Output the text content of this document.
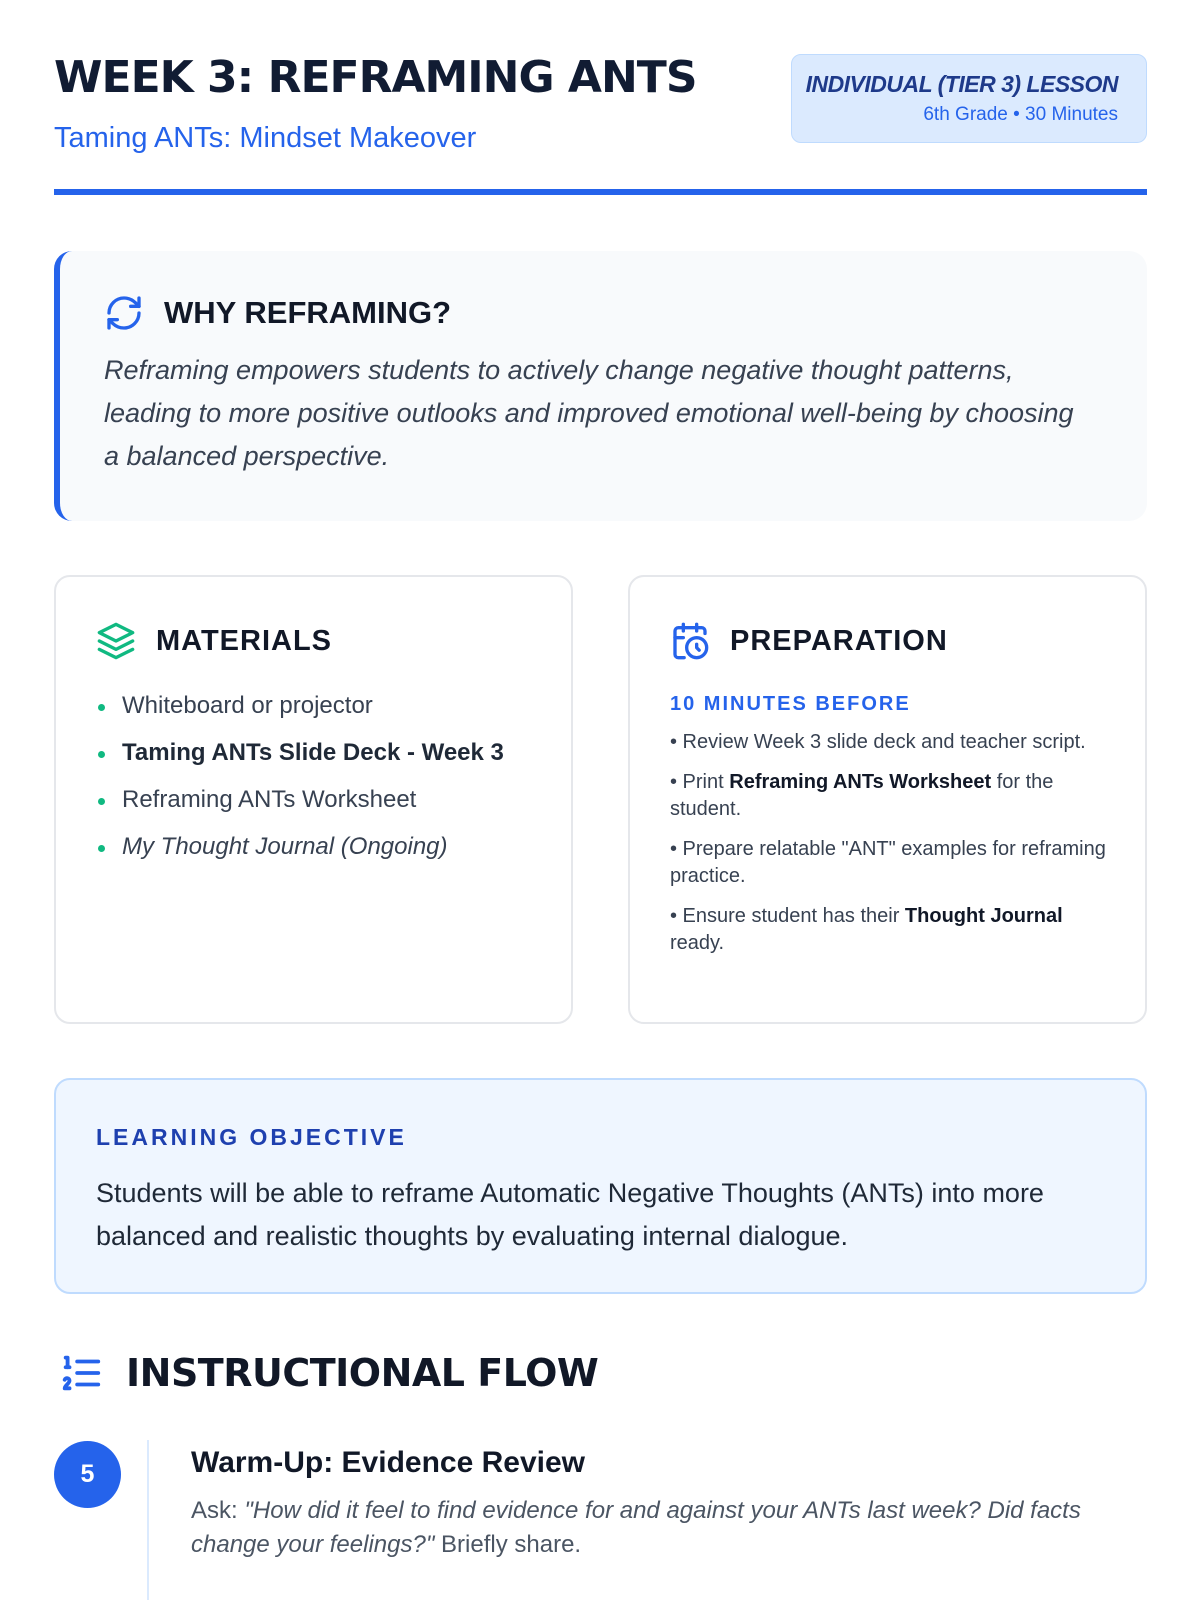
WEEK 3: REFRAMING ANTS
Taming ANTs: Mindset Makeover
INDIVIDUAL (TIER 3) LESSON
6th Grade • 30 Minutes
WHY REFRAMING?

Reframing empowers students to actively change negative thought patterns, leading to more positive outlooks and improved emotional well-being by choosing a balanced perspective.

MATERIALS
Whiteboard or projector
Taming ANTs Slide Deck - Week 3
Reframing ANTs Worksheet
My Thought Journal (Ongoing)
PREPARATION
10 MINUTES BEFORE
• Review Week 3 slide deck and teacher script.
• Print Reframing ANTs Worksheet for the student.
• Prepare relatable "ANT" examples for reframing practice.
• Ensure student has their Thought Journal ready.
LEARNING OBJECTIVE

Students will be able to reframe Automatic Negative Thoughts (ANTs) into more balanced and realistic thoughts by evaluating internal dialogue.

INSTRUCTIONAL FLOW
5	Warm-Up: Evidence Review

Ask: "How did it feel to find evidence for and against your ANTs last week? Did facts change your feelings?" Briefly share.
